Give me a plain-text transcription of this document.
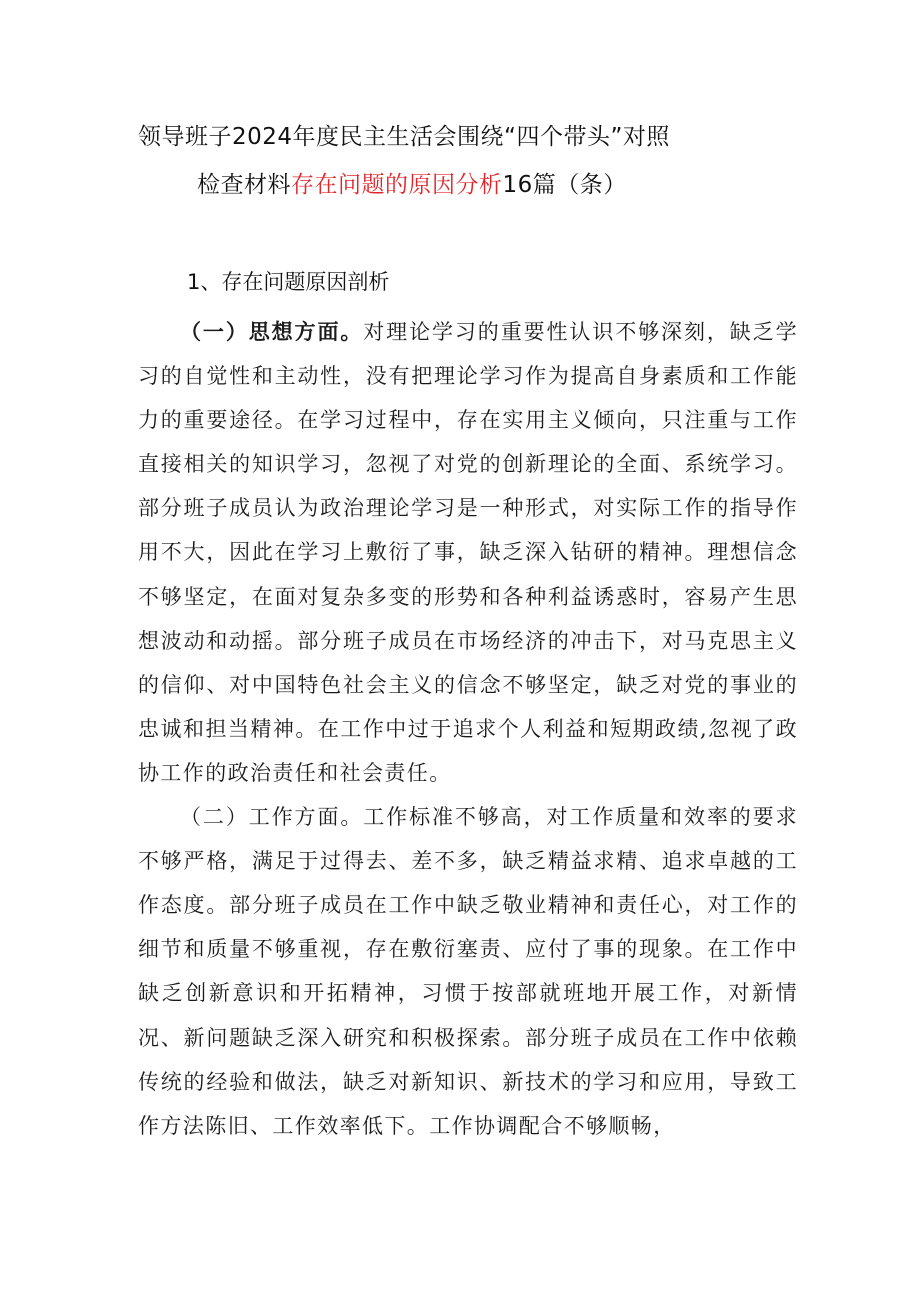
领导班子2024年度民主生活会围绕“四个带头”对照
检查材料存在问题的原因分析16篇（条）
1、存在问题原因剖析

（一）思想方面。对理论学习的重要性认识不够深刻，缺乏学习的自觉性和主动性，没有把理论学习作为提高自身素质和工作能力的重要途径。在学习过程中，存在实用主义倾向，只注重与工作直接相关的知识学习，忽视了对党的创新理论的全面、系统学习。部分班子成员认为政治理论学习是一种形式，对实际工作的指导作用不大，因此在学习上敷衍了事，缺乏深入钻研的精神。理想信念不够坚定，在面对复杂多变的形势和各种利益诱惑时，容易产生思想波动和动摇。部分班子成员在市场经济的冲击下，对马克思主义的信仰、对中国特色社会主义的信念不够坚定，缺乏对党的事业的忠诚和担当精神。在工作中过于追求个人利益和短期政绩,忽视了政协工作的政治责任和社会责任。

（二）工作方面。工作标准不够高，对工作质量和效率的要求不够严格，满足于过得去、差不多，缺乏精益求精、追求卓越的工作态度。部分班子成员在工作中缺乏敬业精神和责任心，对工作的细节和质量不够重视，存在敷衍塞责、应付了事的现象。在工作中缺乏创新意识和开拓精神，习惯于按部就班地开展工作，对新情况、新问题缺乏深入研究和积极探索。部分班子成员在工作中依赖传统的经验和做法，缺乏对新知识、新技术的学习和应用，导致工作方法陈旧、工作效率低下。工作协调配合不够顺畅，
